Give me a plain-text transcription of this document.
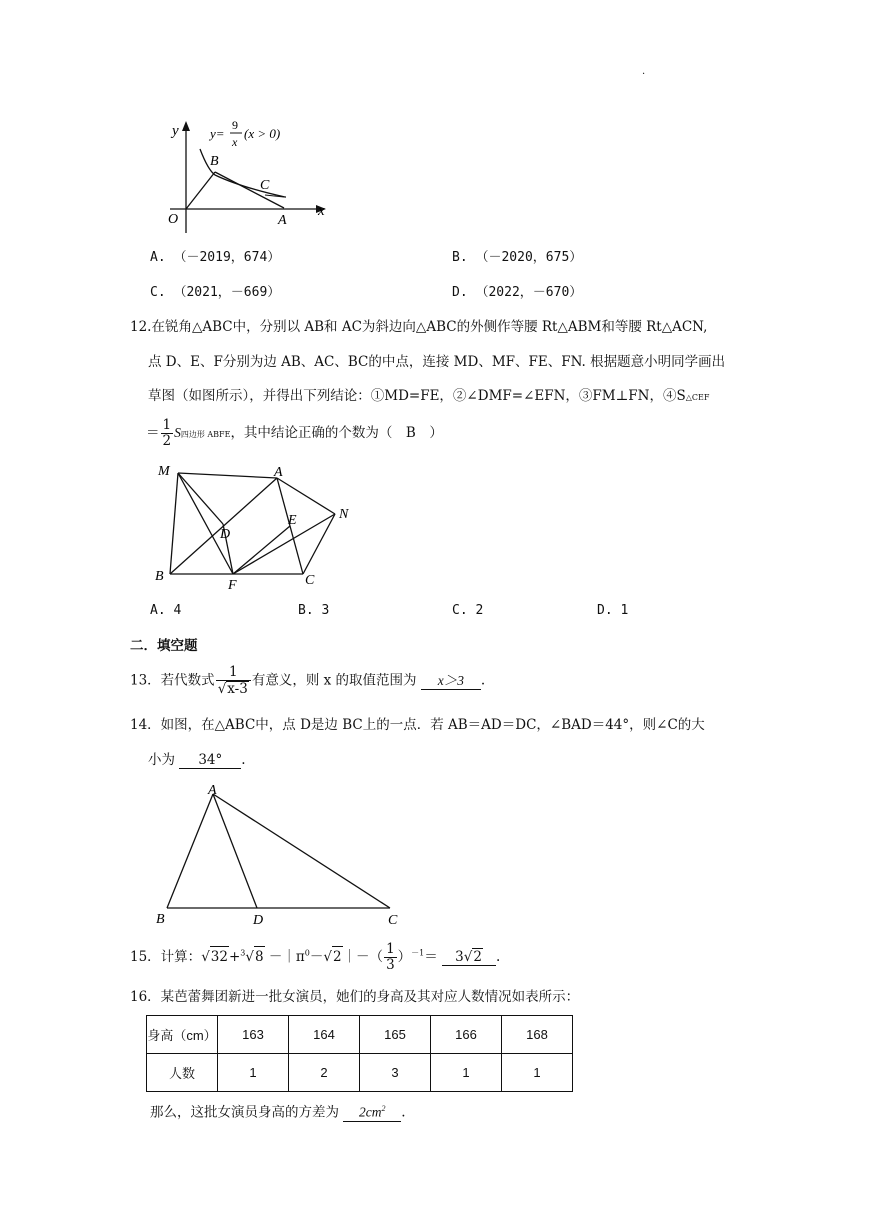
.
y
x
y=
9
x
(x > 0)
B
C
O	A
A. （－2019，674）	B. （－2020，675）
C. （2021，－669）	D. （2022，－670）
12.在锐角△ABC中，分别以 AB和 AC为斜边向△ABC的外侧作等腰 Rt△ABM和等腰 Rt△ACN,
点 D、E、F分别为边 AB、AC、BC的中点，连接 MD、MF、FE、FN. 根据题意小明同学画出
草图（如图所示），并得出下列结论：①MD=FE，②∠DMF=∠EFN，③FM⊥FN，④S△CEF
＝ $\frac{1}{2}$ S四边形 ABFE，其中结论正确的个数为（　B　）
M	A
D
E	N
B
F	C
A. 4	B. 3	C. 2	D. 1
二．填空题
13．若代数式 $\frac{1}{√x-3}$ 有意义，则 x 的取值范围为 x＞3 .
14．如图，在△ABC中，点 D是边 BC上的一点．若 AB＝AD＝DC，∠BAD＝44°，则∠C的大
小为 34° .
A
B	D	C
15．计算：$√32+^3√8 -|\pi^0-√2|-( \frac{1}{3} )^{-1}= 3√2$ .
16．某芭蕾舞团新进一批女演员，她们的身高及其对应人数情况如表所示：
身高（cm）	163	164	165	166	168
人数	1	2	3	1	1
那么，这批女演员身高的方差为 $2cm^2$ .
